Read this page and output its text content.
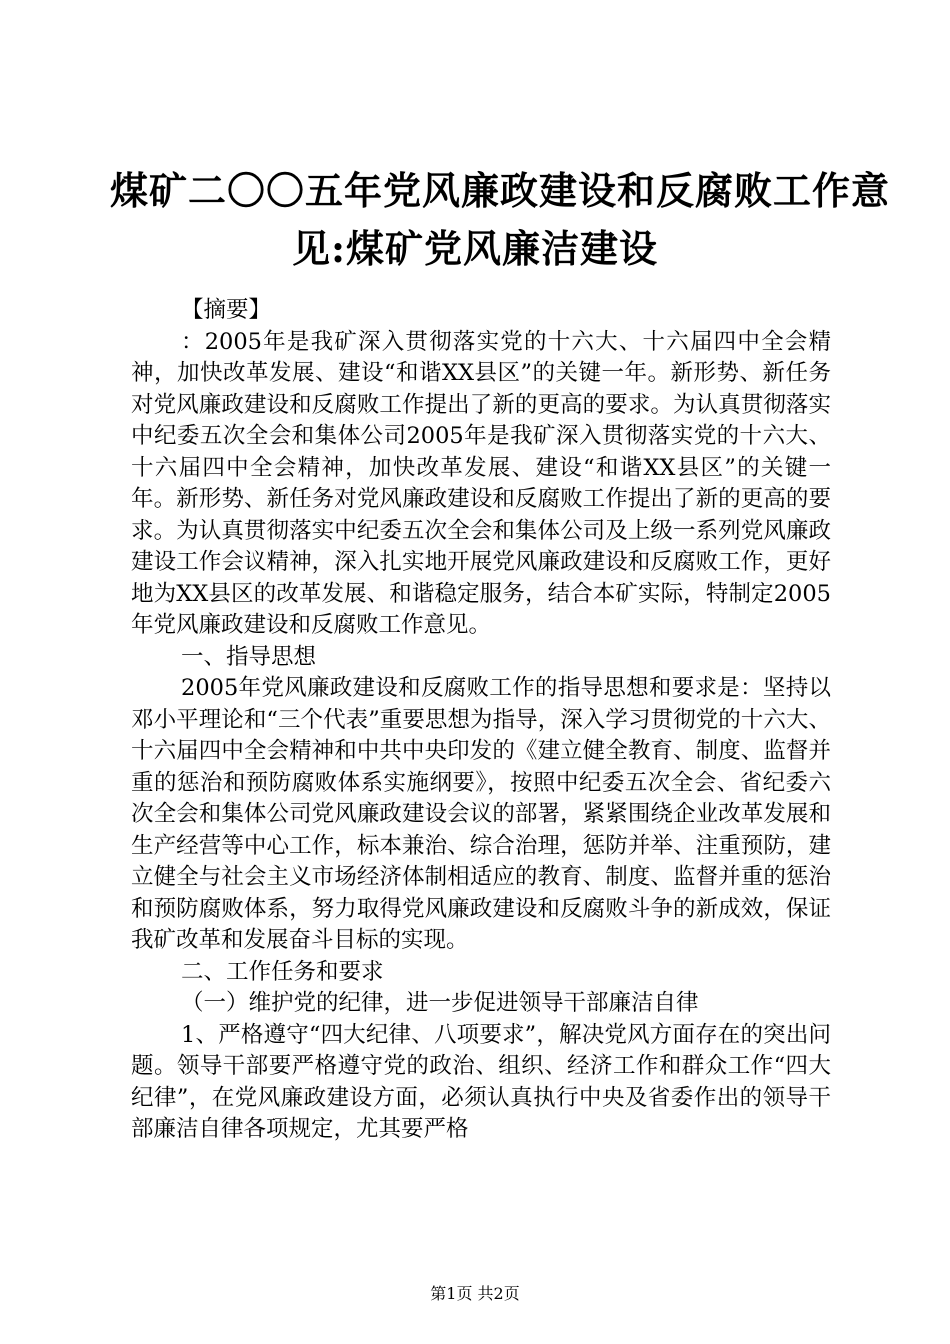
煤矿二〇〇五年党风廉政建设和反腐败工作意
见:煤矿党风廉洁建设

【摘要】

：2005年是我矿深入贯彻落实党的十六大、十六届四中全会精神，加快改革发展、建设“和谐XX县区”的关键一年。新形势、新任务对党风廉政建设和反腐败工作提出了新的更高的要求。为认真贯彻落实中纪委五次全会和集体公司2005年是我矿深入贯彻落实党的十六大、十六届四中全会精神，加快改革发展、建设“和谐XX县区”的关键一年。新形势、新任务对党风廉政建设和反腐败工作提出了新的更高的要求。为认真贯彻落实中纪委五次全会和集体公司及上级一系列党风廉政建设工作会议精神，深入扎实地开展党风廉政建设和反腐败工作，更好地为XX县区的改革发展、和谐稳定服务，结合本矿实际，特制定2005年党风廉政建设和反腐败工作意见。

一、指导思想

2005年党风廉政建设和反腐败工作的指导思想和要求是：坚持以邓小平理论和“三个代表”重要思想为指导，深入学习贯彻党的十六大、十六届四中全会精神和中共中央印发的《建立健全教育、制度、监督并重的惩治和预防腐败体系实施纲要》，按照中纪委五次全会、省纪委六次全会和集体公司党风廉政建设会议的部署，紧紧围绕企业改革发展和生产经营等中心工作，标本兼治、综合治理，惩防并举、注重预防，建立健全与社会主义市场经济体制相适应的教育、制度、监督并重的惩治和预防腐败体系，努力取得党风廉政建设和反腐败斗争的新成效，保证我矿改革和发展奋斗目标的实现。

二、工作任务和要求

（一）维护党的纪律，进一步促进领导干部廉洁自律

1、严格遵守“四大纪律、八项要求”，解决党风方面存在的突出问题。领导干部要严格遵守党的政治、组织、经济工作和群众工作“四大纪律”，在党风廉政建设方面，必须认真执行中央及省委作出的领导干部廉洁自律各项规定，尤其要严格

第1页 共2页
